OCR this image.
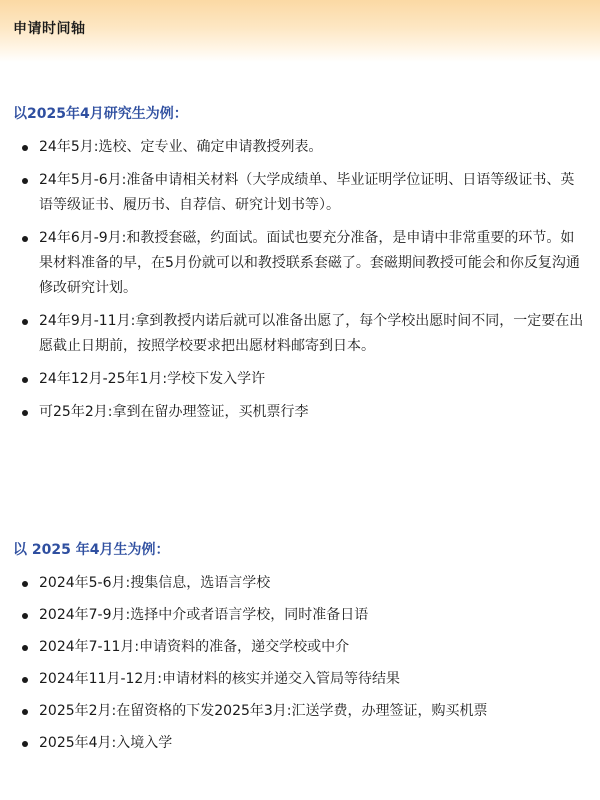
申请时间轴
以2025年4月研究生为例：
24年5月:选校、定专业、确定申请教授列表。
24年5月-6月:准备申请相关材料（大学成绩单、毕业证明学位证明、日语等级证书、英语等级证书、履历书、自荐信、研究计划书等）。
24年6月-9月:和教授套磁，约面试。面试也要充分准备，是申请中非常重要的环节。如果材料准备的早，在5月份就可以和教授联系套磁了。套磁期间教授可能会和你反复沟通修改研究计划。
24年9月-11月:拿到教授内诺后就可以准备出愿了，每个学校出愿时间不同，一定要在出愿截止日期前，按照学校要求把出愿材料邮寄到日本。
24年12月-25年1月:学校下发入学许
可25年2月:拿到在留办理签证，买机票行李
以 2025 年4月生为例：
2024年5-6月:搜集信息，选语言学校
2024年7-9月:选择中介或者语言学校，同时准备日语
2024年7-11月:申请资料的准备，递交学校或中介
2024年11月-12月:申请材料的核实并递交入管局等待结果
2025年2月:在留资格的下发2025年3月:汇送学费，办理签证，购买机票
2025年4月:入境入学
